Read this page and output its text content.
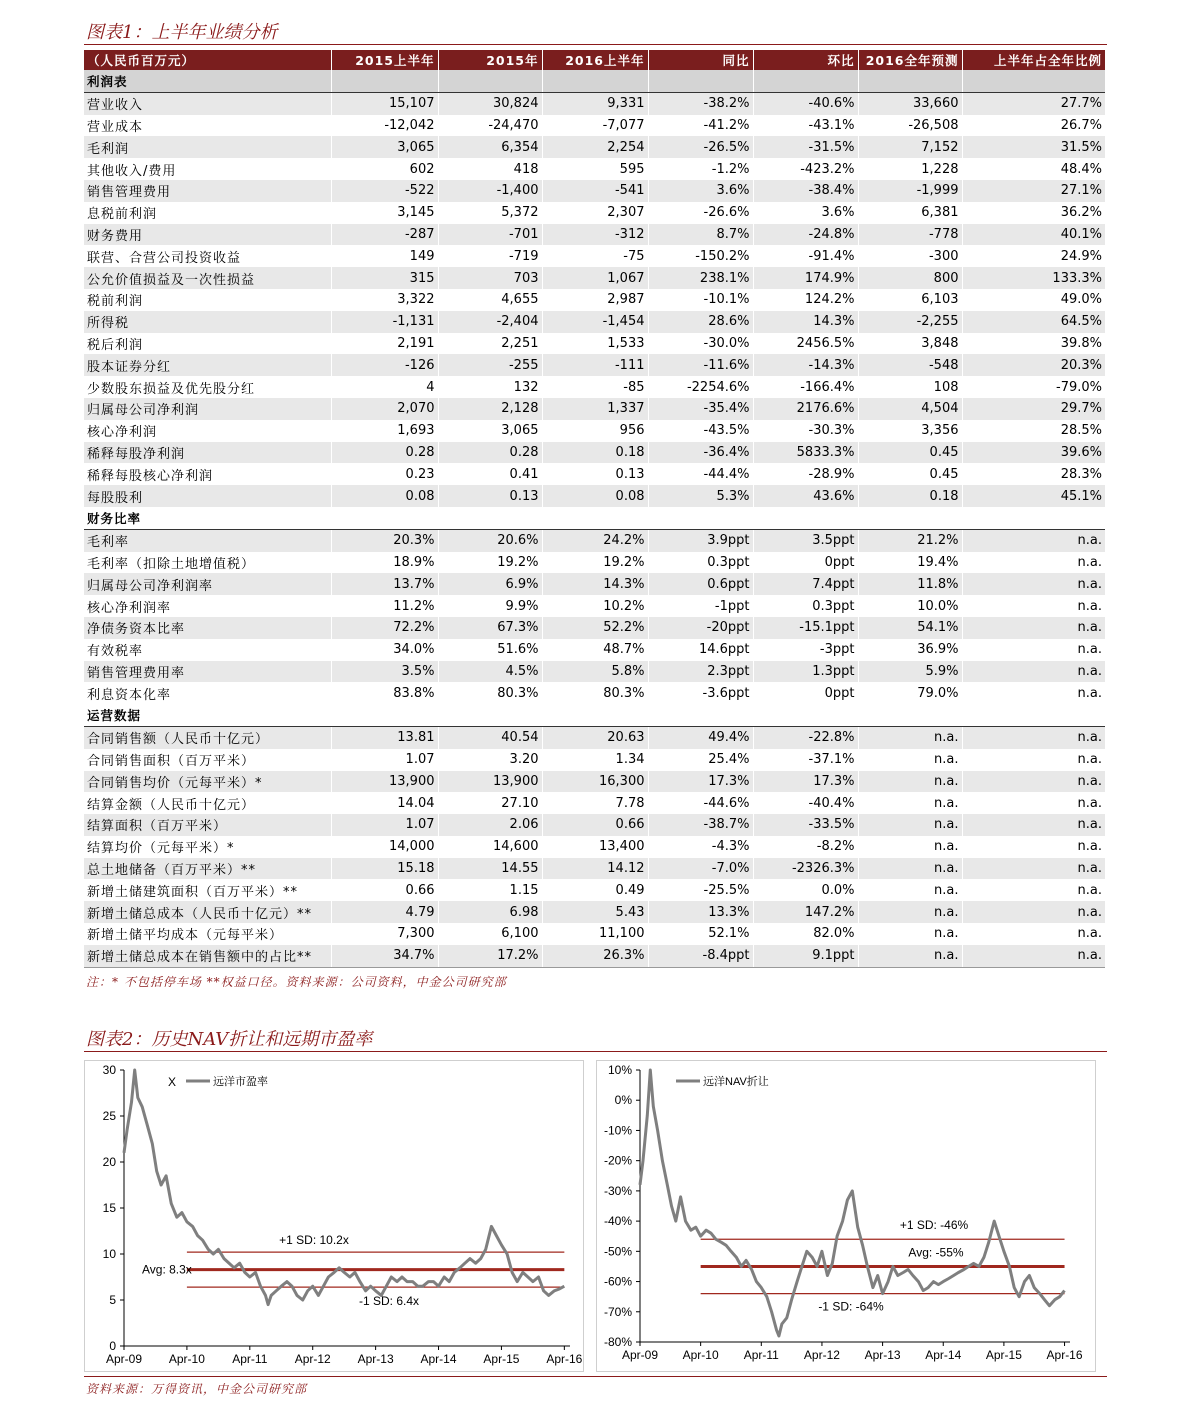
图表1：上半年业绩分析
（人民币百万元）	2015上半年	2015年	2016上半年	同比	环比	2016全年预测	上半年占全年比例
利润表							
营业收入	15,107	30,824	9,331	-38.2%	-40.6%	33,660	27.7%
营业成本	-12,042	-24,470	-7,077	-41.2%	-43.1%	-26,508	26.7%
毛利润	3,065	6,354	2,254	-26.5%	-31.5%	7,152	31.5%
其他收入/费用	602	418	595	-1.2%	-423.2%	1,228	48.4%
销售管理费用	-522	-1,400	-541	3.6%	-38.4%	-1,999	27.1%
息税前利润	3,145	5,372	2,307	-26.6%	3.6%	6,381	36.2%
财务费用	-287	-701	-312	8.7%	-24.8%	-778	40.1%
联营、合营公司投资收益	149	-719	-75	-150.2%	-91.4%	-300	24.9%
公允价值损益及一次性损益	315	703	1,067	238.1%	174.9%	800	133.3%
税前利润	3,322	4,655	2,987	-10.1%	124.2%	6,103	49.0%
所得税	-1,131	-2,404	-1,454	28.6%	14.3%	-2,255	64.5%
税后利润	2,191	2,251	1,533	-30.0%	2456.5%	3,848	39.8%
股本证券分红	-126	-255	-111	-11.6%	-14.3%	-548	20.3%
少数股东损益及优先股分红	4	132	-85	-2254.6%	-166.4%	108	-79.0%
归属母公司净利润	2,070	2,128	1,337	-35.4%	2176.6%	4,504	29.7%
核心净利润	1,693	3,065	956	-43.5%	-30.3%	3,356	28.5%
稀释每股净利润	0.28	0.28	0.18	-36.4%	5833.3%	0.45	39.6%
稀释每股核心净利润	0.23	0.41	0.13	-44.4%	-28.9%	0.45	28.3%
每股股利	0.08	0.13	0.08	5.3%	43.6%	0.18	45.1%
财务比率							
毛利率	20.3%	20.6%	24.2%	3.9ppt	3.5ppt	21.2%	n.a.
毛利率（扣除土地增值税）	18.9%	19.2%	19.2%	0.3ppt	0ppt	19.4%	n.a.
归属母公司净利润率	13.7%	6.9%	14.3%	0.6ppt	7.4ppt	11.8%	n.a.
核心净利润率	11.2%	9.9%	10.2%	-1ppt	0.3ppt	10.0%	n.a.
净债务资本比率	72.2%	67.3%	52.2%	-20ppt	-15.1ppt	54.1%	n.a.
有效税率	34.0%	51.6%	48.7%	14.6ppt	-3ppt	36.9%	n.a.
销售管理费用率	3.5%	4.5%	5.8%	2.3ppt	1.3ppt	5.9%	n.a.
利息资本化率	83.8%	80.3%	80.3%	-3.6ppt	0ppt	79.0%	n.a.
运营数据							
合同销售额（人民币十亿元）	13.81	40.54	20.63	49.4%	-22.8%	n.a.	n.a.
合同销售面积（百万平米）	1.07	3.20	1.34	25.4%	-37.1%	n.a.	n.a.
合同销售均价（元每平米）*	13,900	13,900	16,300	17.3%	17.3%	n.a.	n.a.
结算金额（人民币十亿元）	14.04	27.10	7.78	-44.6%	-40.4%	n.a.	n.a.
结算面积（百万平米）	1.07	2.06	0.66	-38.7%	-33.5%	n.a.	n.a.
结算均价（元每平米）*	14,000	14,600	13,400	-4.3%	-8.2%	n.a.	n.a.
总土地储备（百万平米）**	15.18	14.55	14.12	-7.0%	-2326.3%	n.a.	n.a.
新增土储建筑面积（百万平米）**	0.66	1.15	0.49	-25.5%	0.0%	n.a.	n.a.
新增土储总成本（人民币十亿元）**	4.79	6.98	5.43	13.3%	147.2%	n.a.	n.a.
新增土储平均成本（元每平米）	7,300	6,100	11,100	52.1%	82.0%	n.a.	n.a.
新增土储总成本在销售额中的占比**	34.7%	17.2%	26.3%	-8.4ppt	9.1ppt	n.a.	n.a.
注：* 不包括停车场 **权益口径。资料来源：公司资料，中金公司研究部
图表2：历史NAV折让和远期市盈率
0
5
10
15
20
25
30
Apr-09 Apr-10 Apr-11 Apr-12 Apr-13 Apr-14 Apr-15 Apr-16
+1 SD: 10.2x
Avg: 8.3x
-1 SD: 6.4x
X	远洋市盈率
10%
0%
-10%
-20%
-30%
-40%
-50%
-60%
-70%
-80%
Apr-09 Apr-10 Apr-11 Apr-12 Apr-13 Apr-14 Apr-15 Apr-16
+1 SD: -46%
Avg: -55%
-1 SD: -64%
远洋NAV折让
资料来源：万得资讯，中金公司研究部
